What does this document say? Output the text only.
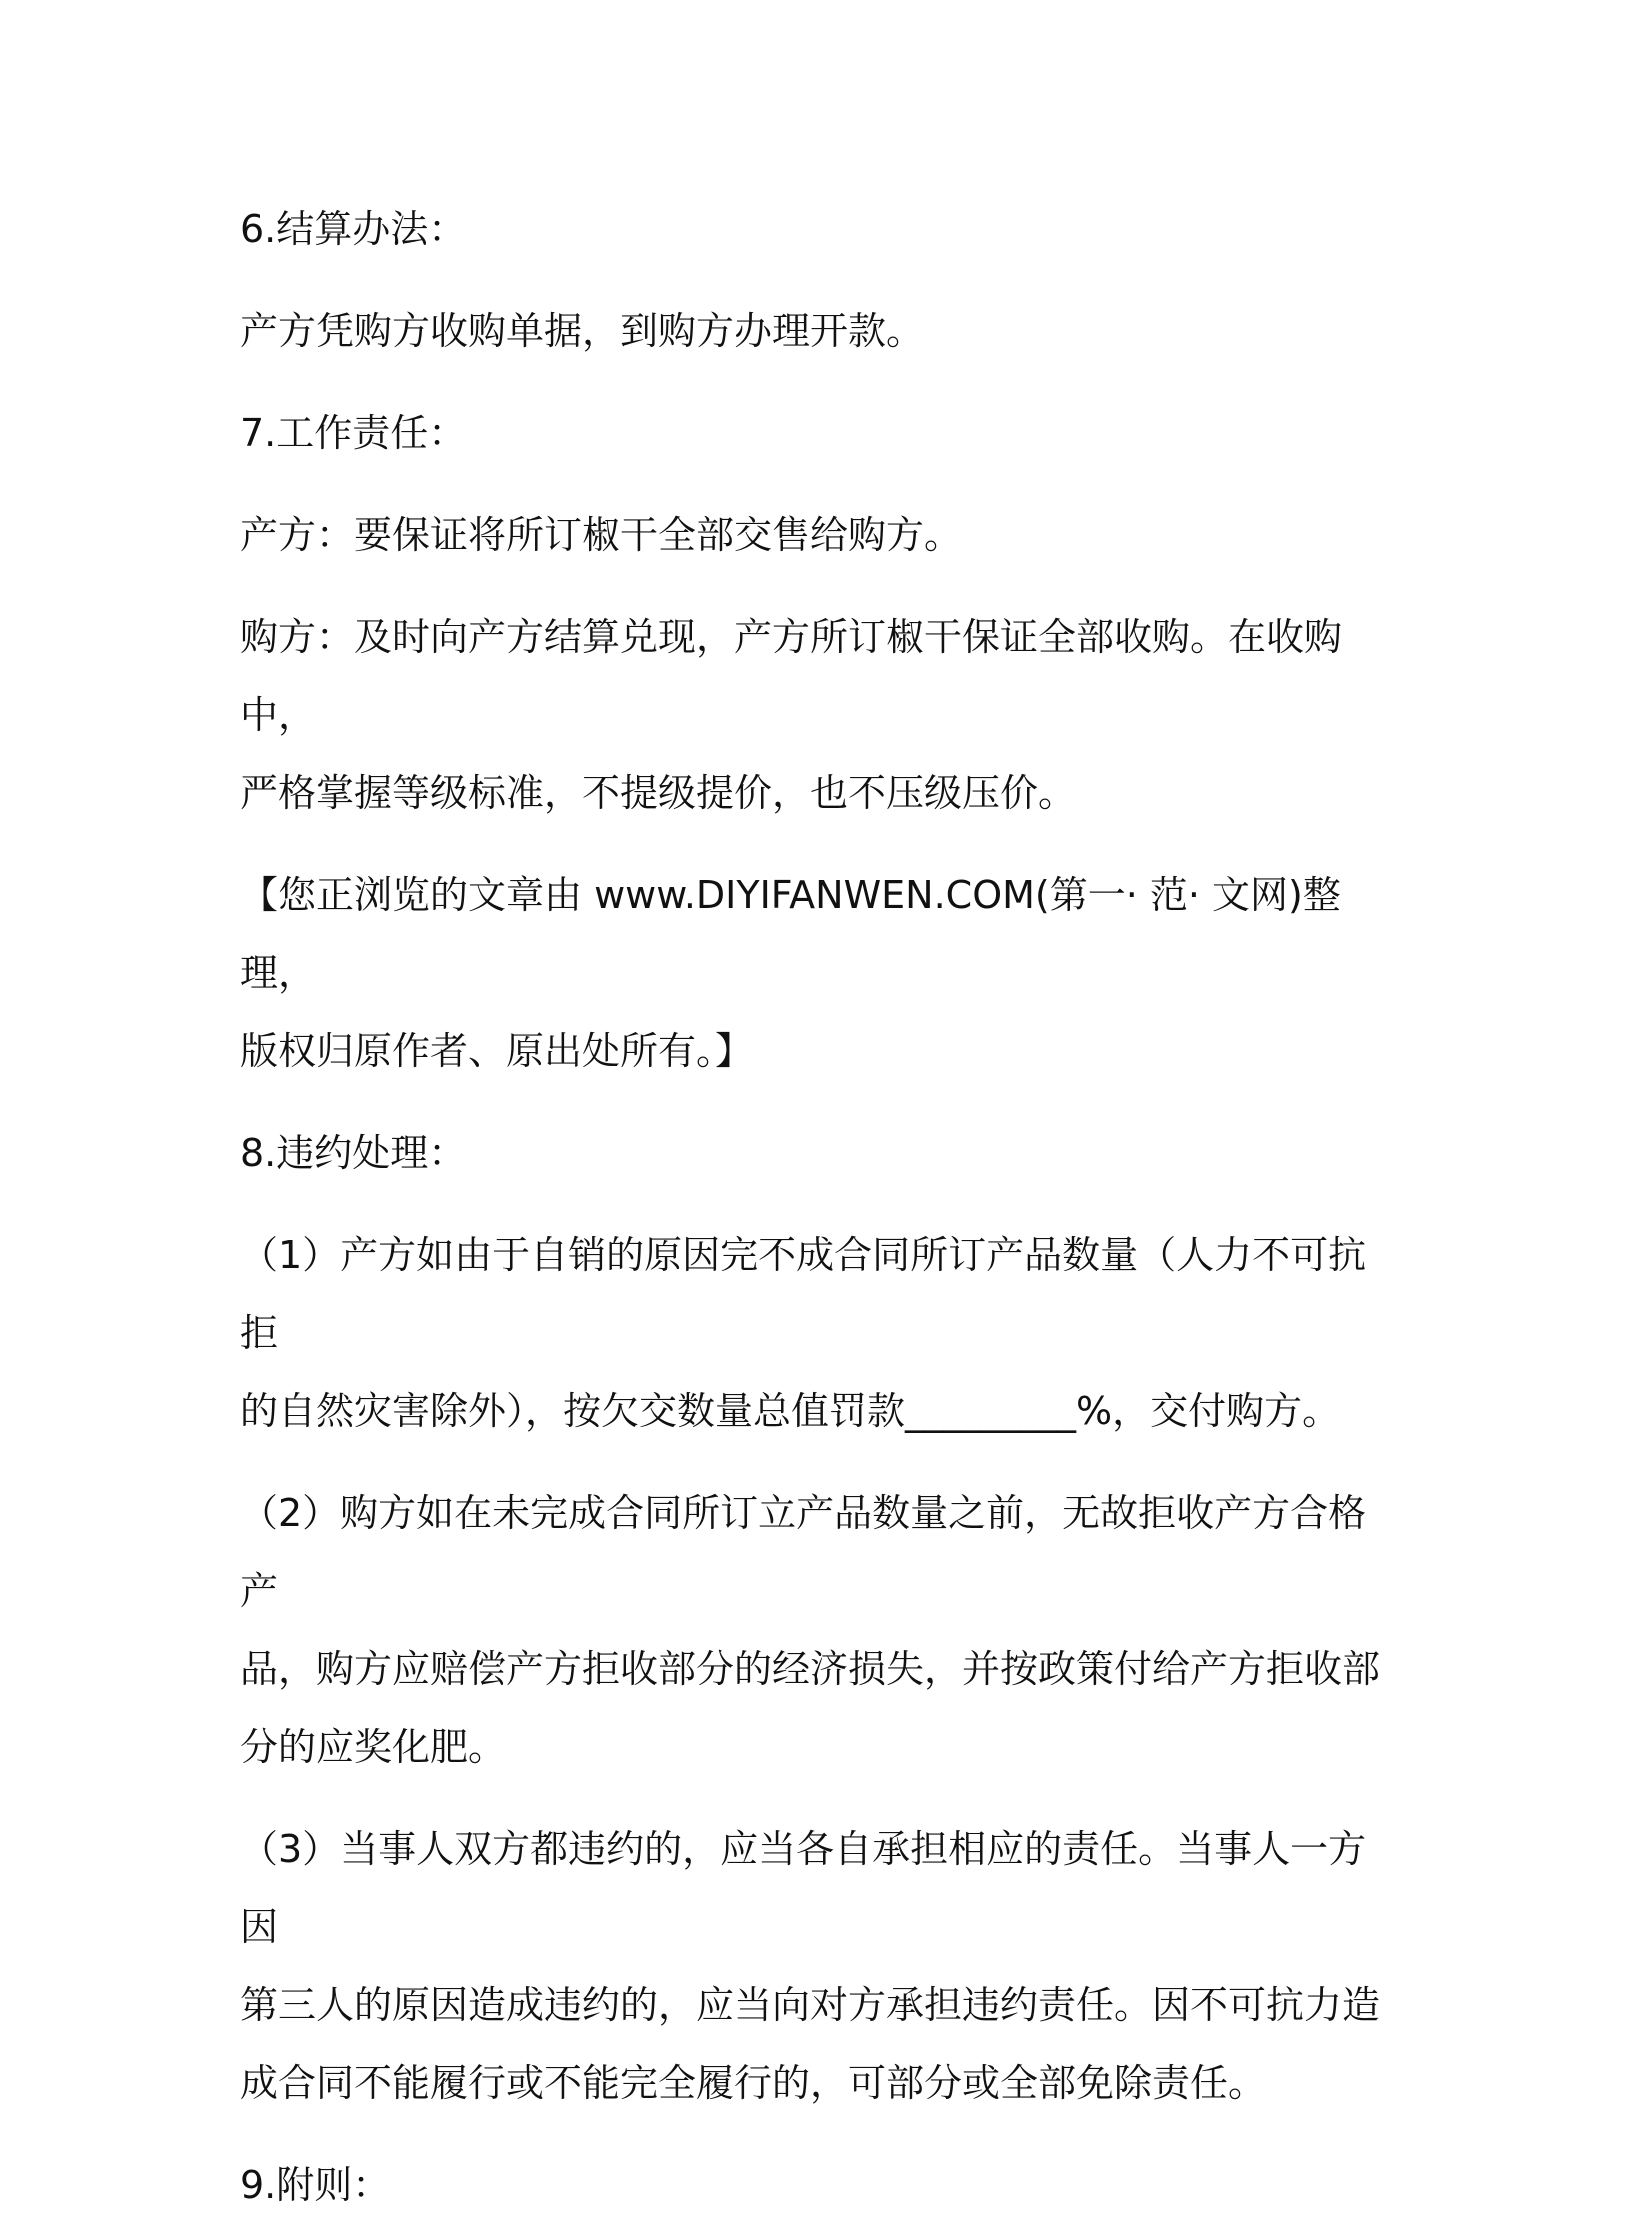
6.结算办法：

产方凭购方收购单据，到购方办理开款。

7.工作责任：

产方：要保证将所订椒干全部交售给购方。

购方：及时向产方结算兑现，产方所订椒干保证全部收购。在收购中，
严格掌握等级标准，不提级提价，也不压级压价。

【您正浏览的文章由 www.DIYIFANWEN.COM(第一· 范· 文网)整理，
版权归原作者、原出处所有。】

8.违约处理：

（1）产方如由于自销的原因完不成合同所订产品数量（人力不可抗拒
的自然灾害除外），按欠交数量总值罚款_________%，交付购方。

（2）购方如在未完成合同所订立产品数量之前，无故拒收产方合格产
品，购方应赔偿产方拒收部分的经济损失，并按政策付给产方拒收部
分的应奖化肥。

（3）当事人双方都违约的，应当各自承担相应的责任。当事人一方因
第三人的原因造成违约的，应当向对方承担违约责任。因不可抗力造
成合同不能履行或不能完全履行的，可部分或全部免除责任。

9.附则：
